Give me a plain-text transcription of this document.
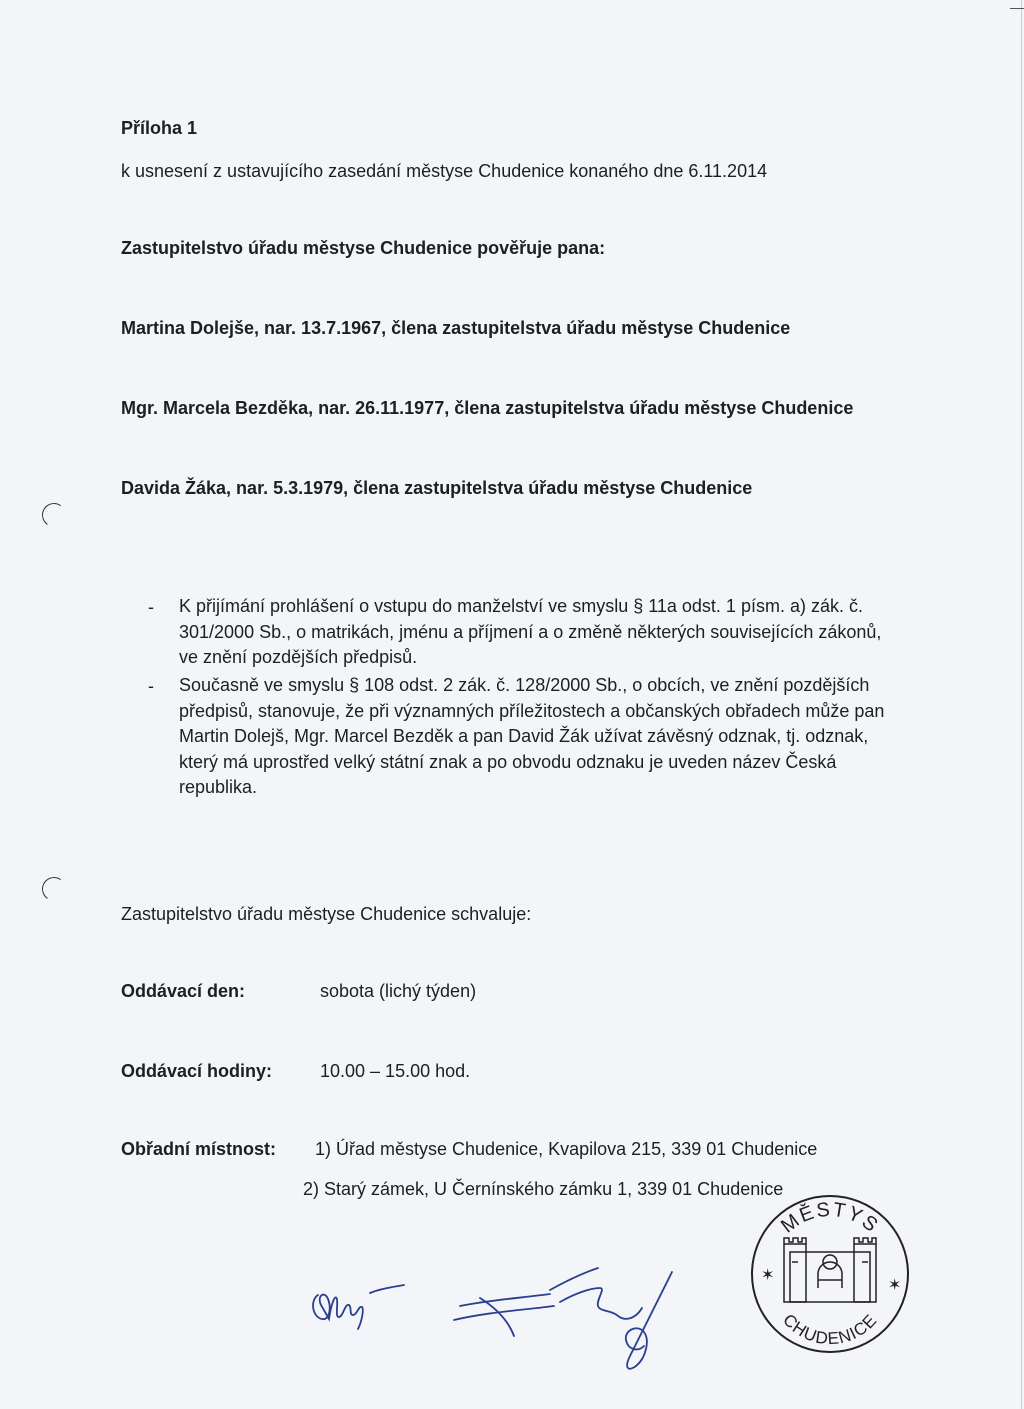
Příloha 1
k usnesení z ustavujícího zasedání městyse Chudenice konaného dne 6.11.2014
Zastupitelstvo úřadu městyse Chudenice pověřuje pana:
Martina Dolejše, nar. 13.7.1967, člena zastupitelstva úřadu městyse Chudenice
Mgr. Marcela Bezděka, nar. 26.11.1977, člena zastupitelstva úřadu městyse Chudenice
Davida Žáka, nar. 5.3.1979, člena zastupitelstva úřadu městyse Chudenice
- K přijímání prohlášení o vstupu do manželství ve smyslu § 11a odst. 1 písm. a) zák. č. 301/2000 Sb., o matrikách, jménu a příjmení a o změně některých souvisejících zákonů, ve znění pozdějších předpisů.
- Současně ve smyslu § 108 odst. 2 zák. č. 128/2000 Sb., o obcích, ve znění pozdějších předpisů, stanovuje, že při významných příležitostech a občanských obřadech může pan Martin Dolejš, Mgr. Marcel Bezděk a pan David Žák užívat závěsný odznak, tj. odznak, který má uprostřed velký státní znak a po obvodu odznaku je uveden název Česká republika.
Zastupitelstvo úřadu městyse Chudenice schvaluje:
Oddávací den:	sobota (lichý týden)
Oddávací hodiny:	10.00 – 15.00 hod.
Obřadní místnost: 1) Úřad městyse Chudenice, Kvapilova 215, 339 01 Chudenice
2) Starý zámek, U Černínského zámku 1, 339 01 Chudenice
MĚSTYS
CHUDENICE
✶
✶
